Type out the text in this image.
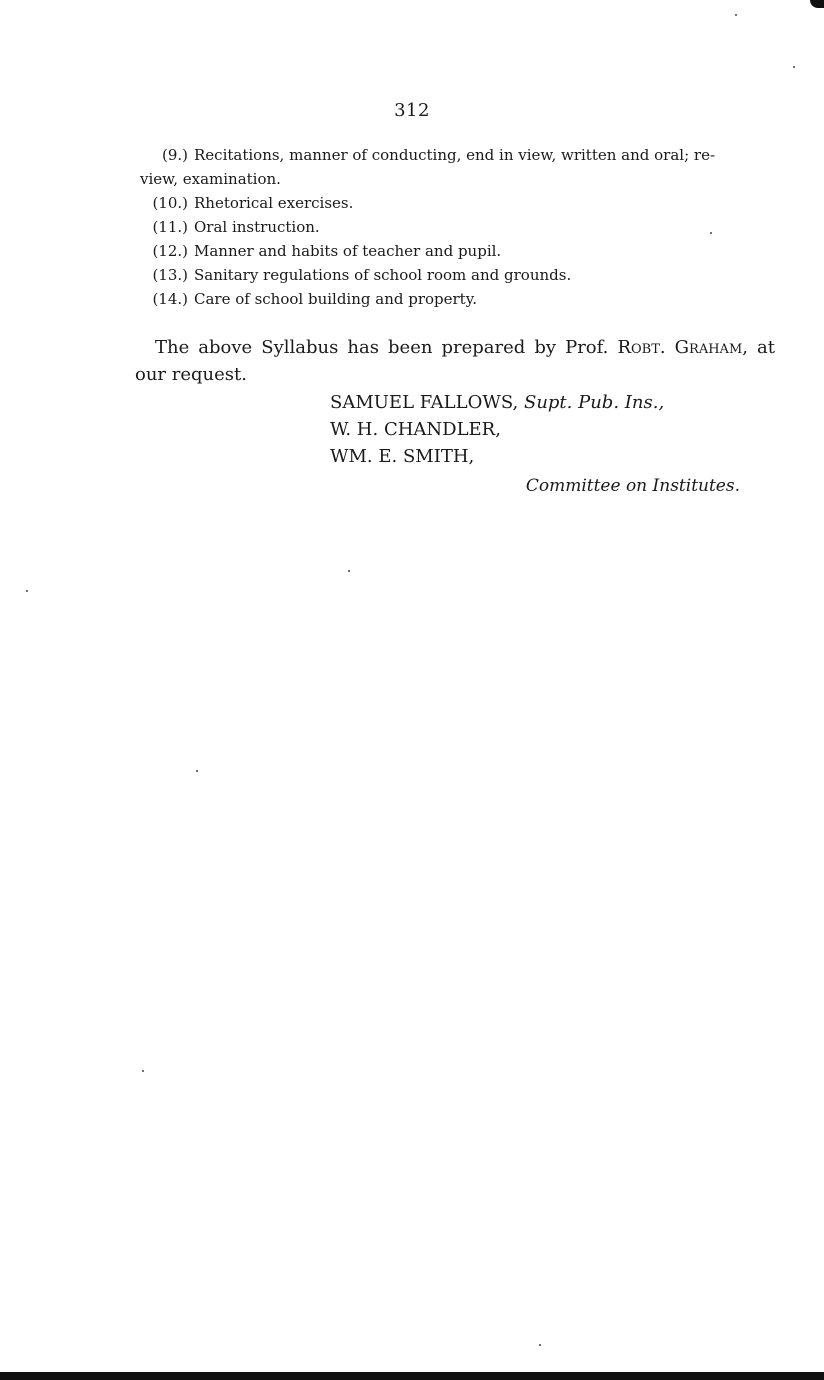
312
(9.) Recitations, manner of conducting, end in view, written and oral; re-
view, examination.
(10.) Rhetorical exercises.
(11.) Oral instruction.
(12.) Manner and habits of teacher and pupil.
(13.) Sanitary regulations of school room and grounds.
(14.) Care of school building and property.

The above Syllabus has been prepared by Prof. Robt. Graham, at our request.

SAMUEL FALLOWS, Supt. Pub. Ins.,
W. H. CHANDLER,
WM. E. SMITH,
Committee on Institutes.
